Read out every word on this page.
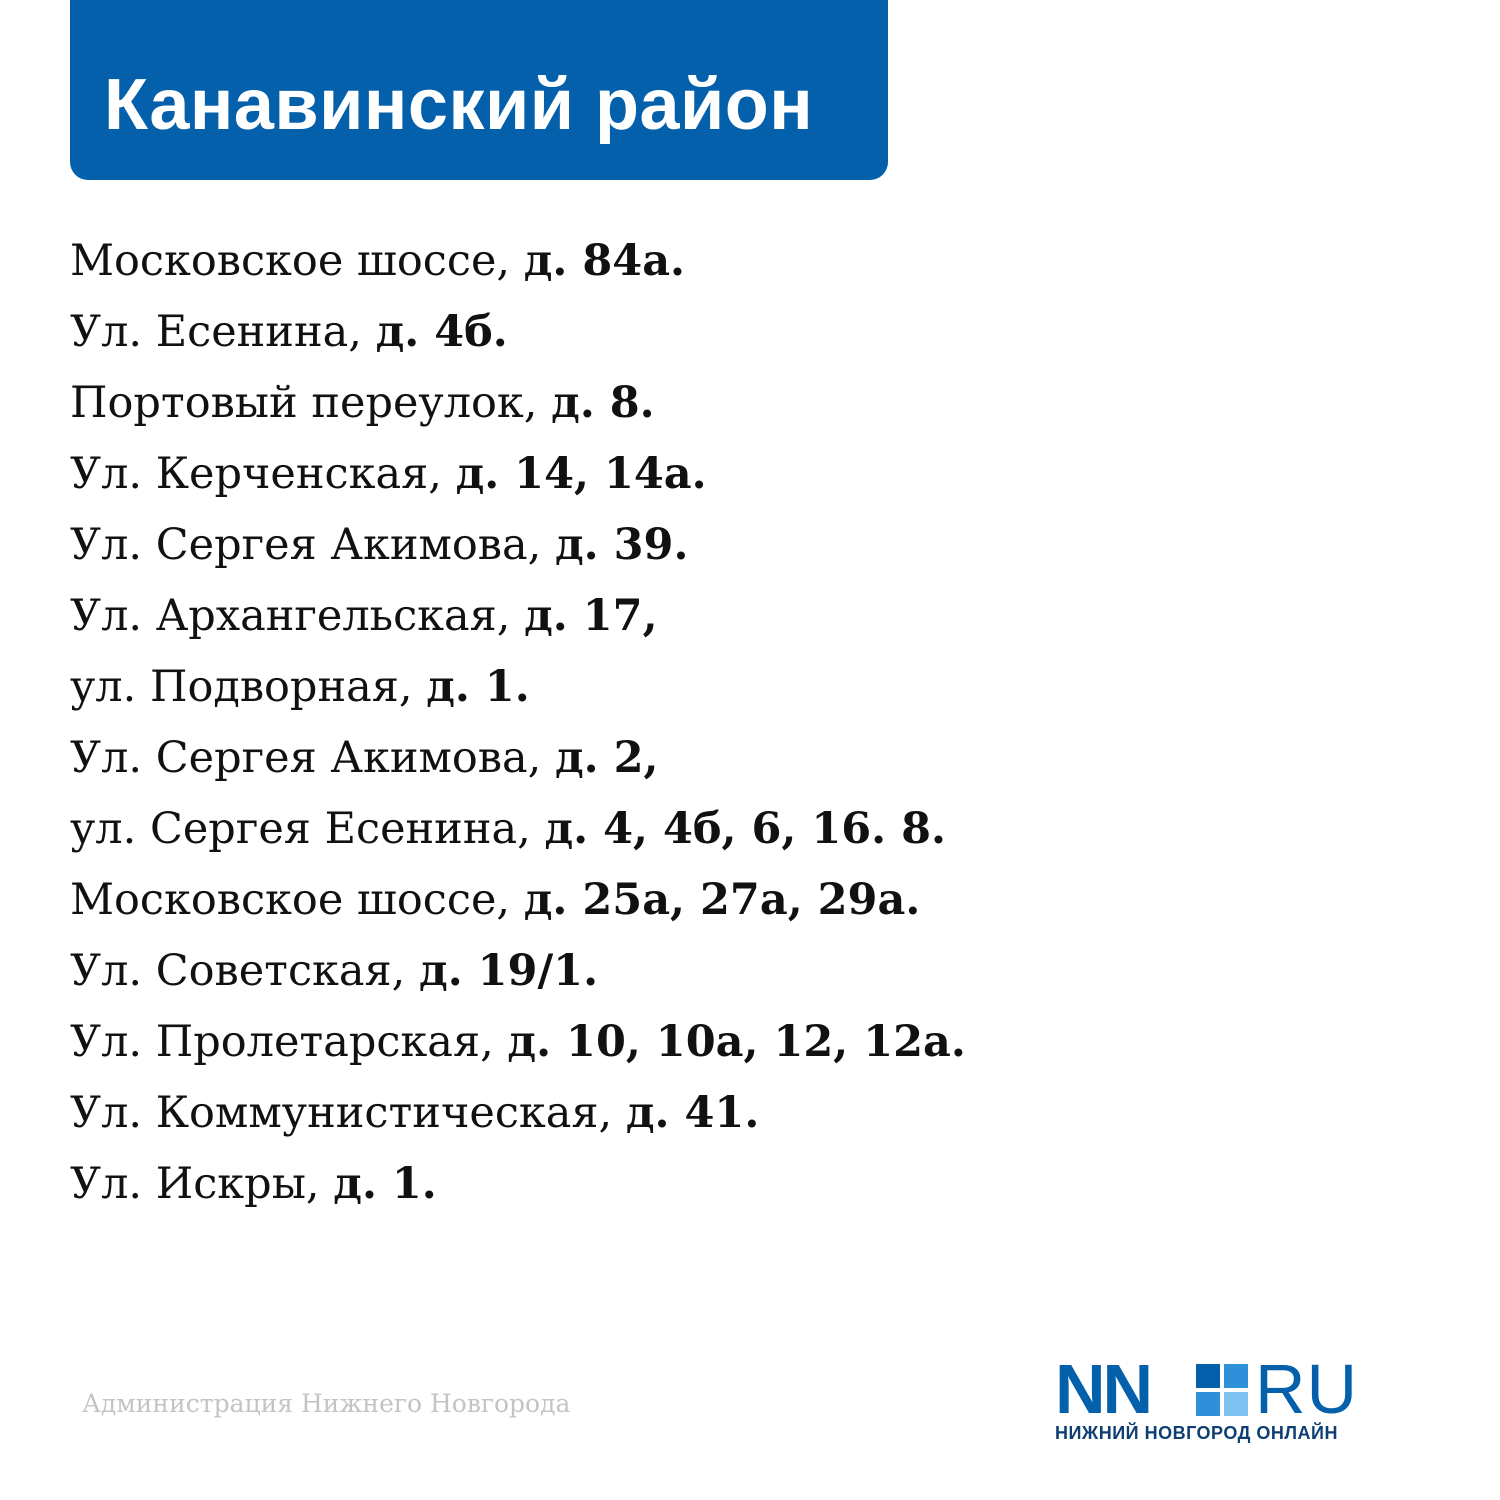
Канавинский район
Московское шоссе, д. 84а.
Ул. Есенина, д. 4б.
Портовый переулок, д. 8.
Ул. Керченская, д. 14, 14а.
Ул. Сергея Акимова, д. 39.
Ул. Архангельская, д. 17,
ул. Подворная, д. 1.
Ул. Сергея Акимова, д. 2,
ул. Сергея Есенина, д. 4, 4б, 6, 16. 8.
Московское шоссе, д. 25а, 27а, 29а.
Ул. Советская, д. 19/1.
Ул. Пролетарская, д. 10, 10а, 12, 12а.
Ул. Коммунистическая, д. 41.
Ул. Искры, д. 1.
Администрация Нижнего Новгорода	NN RU
НИЖНИЙ НОВГОРОД ОНЛАЙН
